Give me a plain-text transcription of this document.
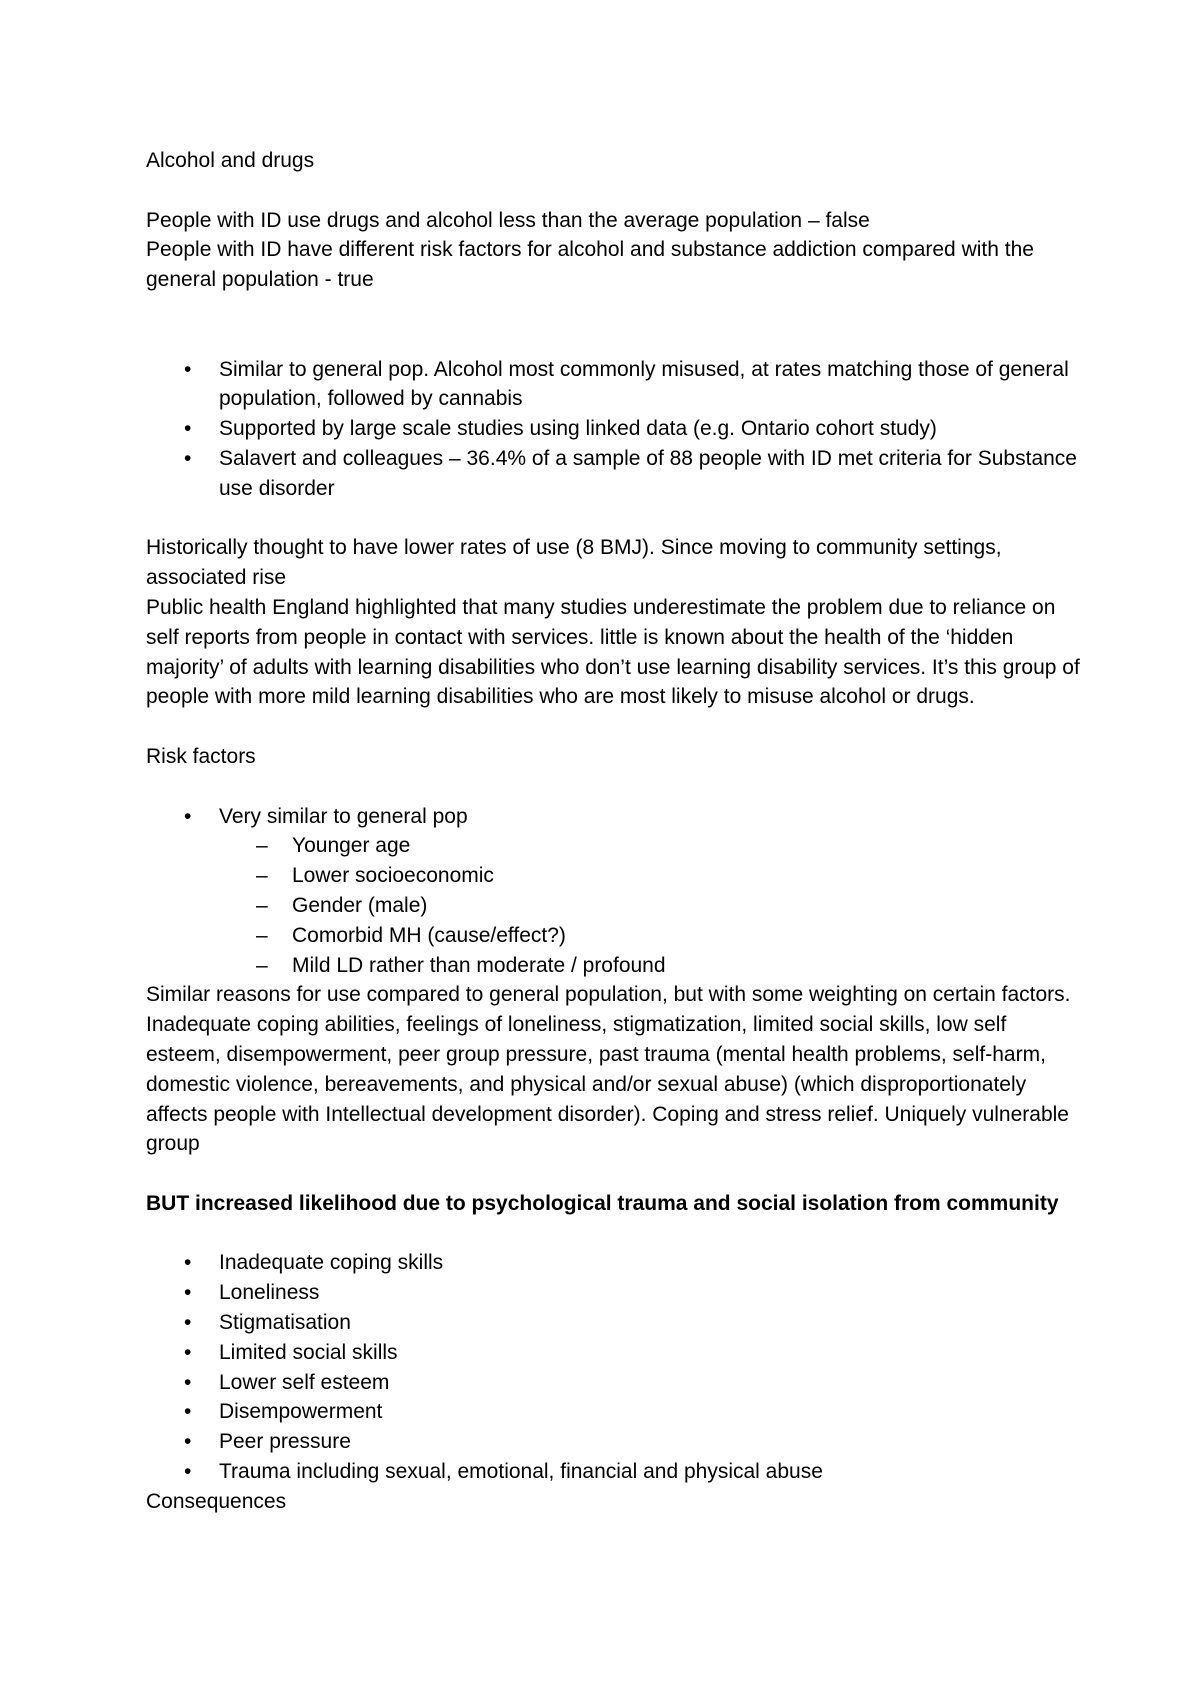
Alcohol and drugs

People with ID use drugs and alcohol less than the average population – false

People with ID have different risk factors for alcohol and substance addiction compared with the general population - true

•	Similar to general pop. Alcohol most commonly misused, at rates matching those of general population, followed by cannabis
•	Supported by large scale studies using linked data (e.g. Ontario cohort study)
•	Salavert and colleagues – 36.4% of a sample of 88 people with ID met criteria for Substance use disorder

Historically thought to have lower rates of use (8 BMJ). Since moving to community settings, associated rise

Public health England highlighted that many studies underestimate the problem due to reliance on self reports from people in contact with services. little is known about the health of the ‘hidden majority’ of adults with learning disabilities who don’t use learning disability services. It’s this group of people with more mild learning disabilities who are most likely to misuse alcohol or drugs.

Risk factors

•	Very similar to general pop
– Younger age
– Lower socioeconomic
– Gender (male)
– Comorbid MH (cause/effect?)
– Mild LD rather than moderate / profound

Similar reasons for use compared to general population, but with some weighting on certain factors. Inadequate coping abilities, feelings of loneliness, stigmatization, limited social skills, low self esteem, disempowerment, peer group pressure, past trauma (mental health problems, self-harm, domestic violence, bereavements, and physical and/or sexual abuse) (which disproportionately affects people with Intellectual development disorder). Coping and stress relief. Uniquely vulnerable group

BUT increased likelihood due to psychological trauma and social isolation from community

•	Inadequate coping skills
•	Loneliness
•	Stigmatisation
•	Limited social skills
•	Lower self esteem
•	Disempowerment
•	Peer pressure
•	Trauma including sexual, emotional, financial and physical abuse

Consequences
